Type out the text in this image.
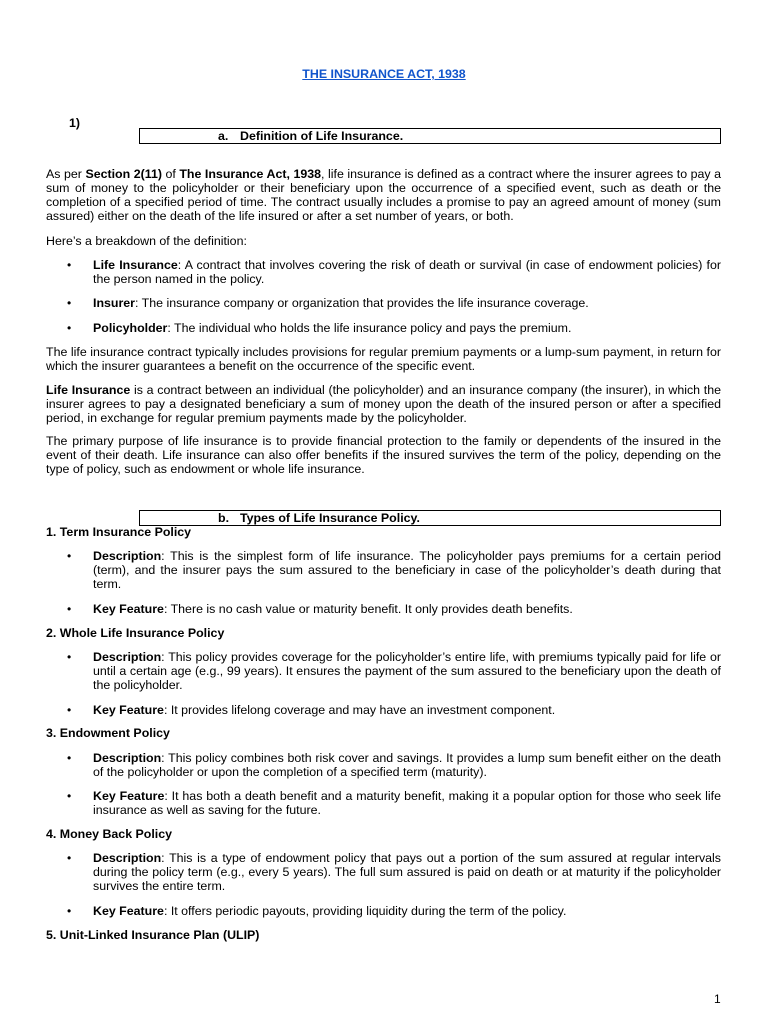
THE INSURANCE ACT, 1938
1)
a. Definition of Life Insurance.
As per Section 2(11) of The Insurance Act, 1938, life insurance is defined as a contract where the insurer agrees to pay a sum of money to the policyholder or their beneficiary upon the occurrence of a specified event, such as death or the completion of a specified period of time. The contract usually includes a promise to pay an agreed amount of money (sum assured) either on the death of the life insured or after a set number of years, or both.
Here’s a breakdown of the definition:
• Life Insurance: A contract that involves covering the risk of death or survival (in case of endowment policies) for the person named in the policy.
• Insurer: The insurance company or organization that provides the life insurance coverage.
• Policyholder: The individual who holds the life insurance policy and pays the premium.
The life insurance contract typically includes provisions for regular premium payments or a lump-sum payment, in return for which the insurer guarantees a benefit on the occurrence of the specific event.
Life Insurance is a contract between an individual (the policyholder) and an insurance company (the insurer), in which the insurer agrees to pay a designated beneficiary a sum of money upon the death of the insured person or after a specified period, in exchange for regular premium payments made by the policyholder.
The primary purpose of life insurance is to provide financial protection to the family or dependents of the insured in the event of their death. Life insurance can also offer benefits if the insured survives the term of the policy, depending on the type of policy, such as endowment or whole life insurance.
b. Types of Life Insurance Policy.
1. Term Insurance Policy
• Description: This is the simplest form of life insurance. The policyholder pays premiums for a certain period (term), and the insurer pays the sum assured to the beneficiary in case of the policyholder’s death during that term.
• Key Feature: There is no cash value or maturity benefit. It only provides death benefits.
2. Whole Life Insurance Policy
• Description: This policy provides coverage for the policyholder’s entire life, with premiums typically paid for life or until a certain age (e.g., 99 years). It ensures the payment of the sum assured to the beneficiary upon the death of the policyholder.
• Key Feature: It provides lifelong coverage and may have an investment component.
3. Endowment Policy
• Description: This policy combines both risk cover and savings. It provides a lump sum benefit either on the death of the policyholder or upon the completion of a specified term (maturity).
• Key Feature: It has both a death benefit and a maturity benefit, making it a popular option for those who seek life insurance as well as saving for the future.
4. Money Back Policy
• Description: This is a type of endowment policy that pays out a portion of the sum assured at regular intervals during the policy term (e.g., every 5 years). The full sum assured is paid on death or at maturity if the policyholder survives the entire term.
• Key Feature: It offers periodic payouts, providing liquidity during the term of the policy.
5. Unit-Linked Insurance Plan (ULIP)
1
